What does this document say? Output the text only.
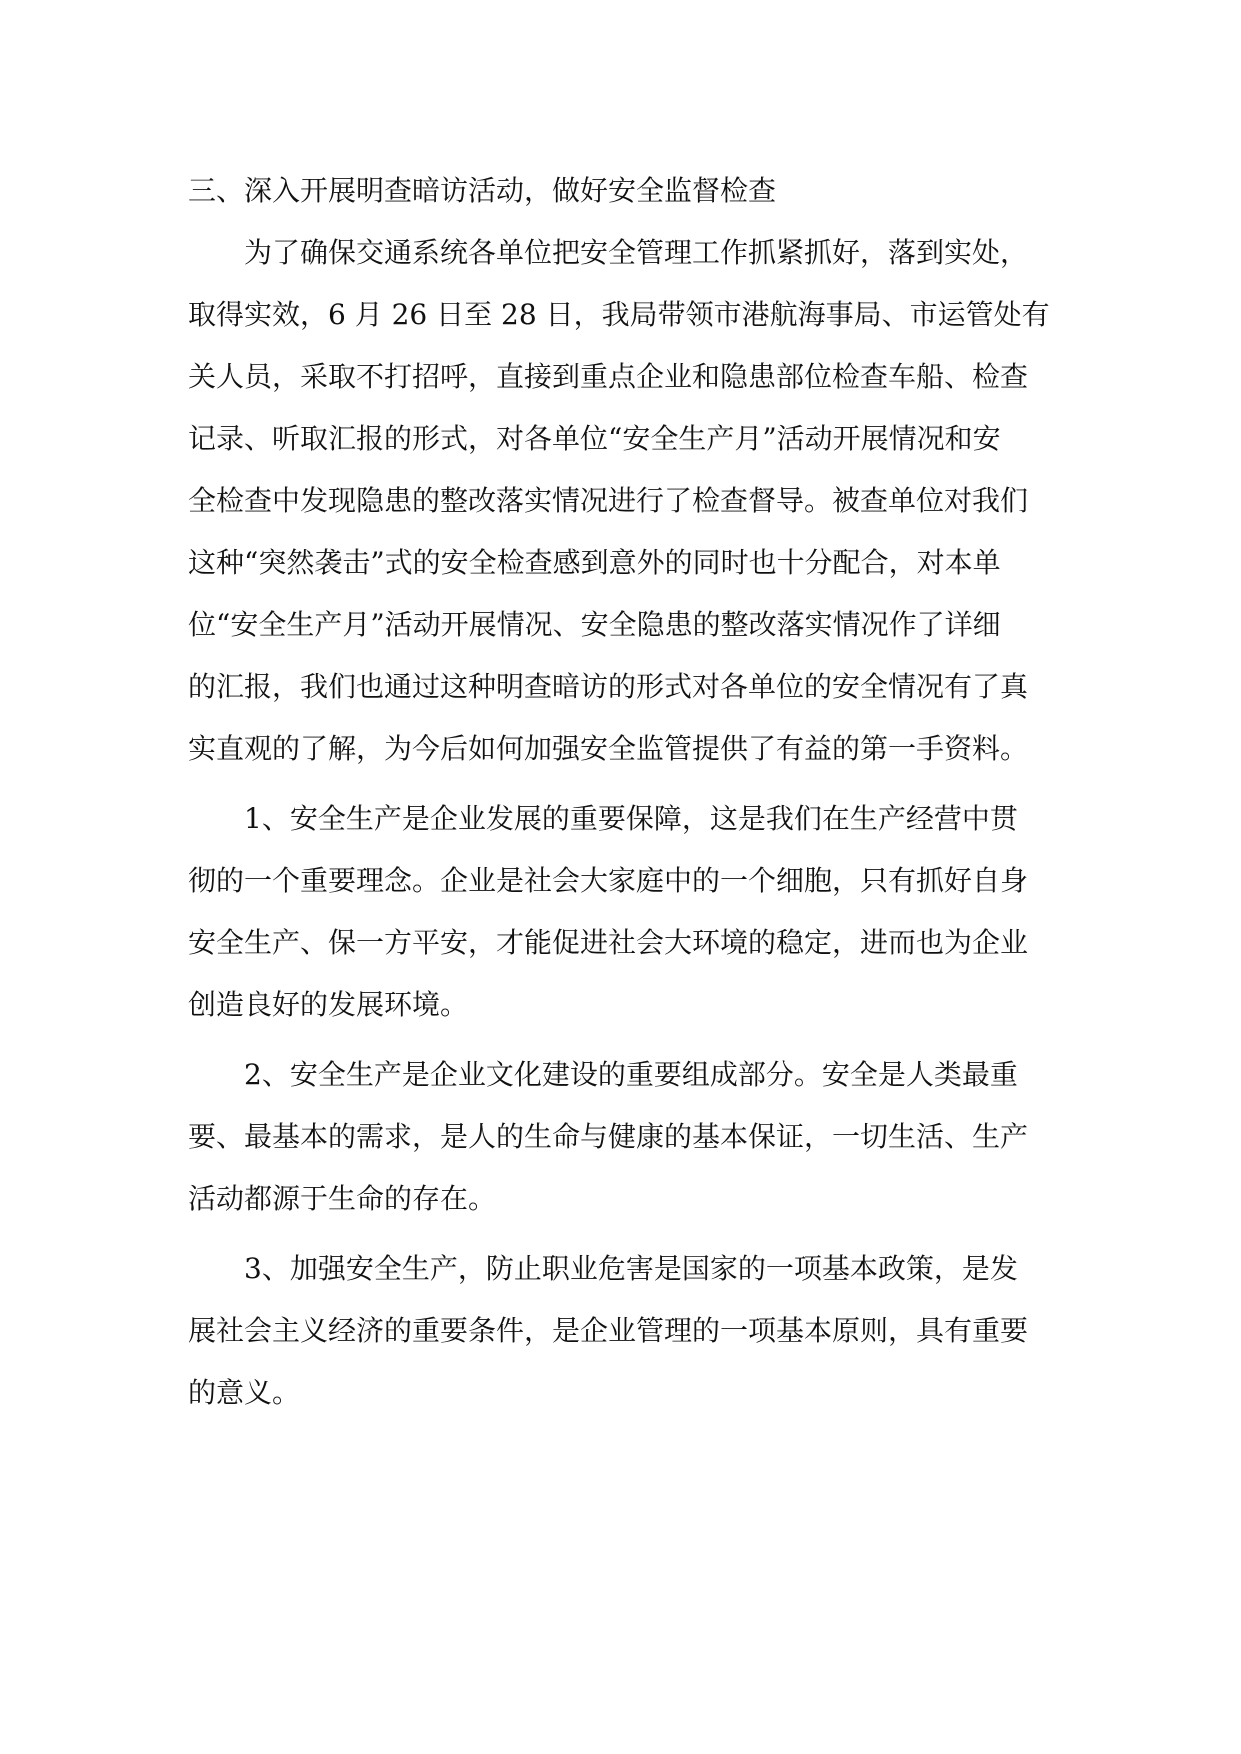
三、深入开展明查暗访活动，做好安全监督检查

为了确保交通系统各单位把安全管理工作抓紧抓好，落到实处，
取得实效，6 月 26 日至 28 日，我局带领市港航海事局、市运管处有
关人员，采取不打招呼，直接到重点企业和隐患部位检查车船、检查
记录、听取汇报的形式，对各单位“安全生产月”活动开展情况和安
全检查中发现隐患的整改落实情况进行了检查督导。被查单位对我们
这种“突然袭击”式的安全检查感到意外的同时也十分配合，对本单
位“安全生产月”活动开展情况、安全隐患的整改落实情况作了详细
的汇报，我们也通过这种明查暗访的形式对各单位的安全情况有了真
实直观的了解，为今后如何加强安全监管提供了有益的第一手资料。
1、安全生产是企业发展的重要保障，这是我们在生产经营中贯
彻的一个重要理念。企业是社会大家庭中的一个细胞，只有抓好自身
安全生产、保一方平安，才能促进社会大环境的稳定，进而也为企业
创造良好的发展环境。
2、安全生产是企业文化建设的重要组成部分。安全是人类最重
要、最基本的需求，是人的生命与健康的基本保证，一切生活、生产
活动都源于生命的存在。
3、加强安全生产，防止职业危害是国家的一项基本政策，是发
展社会主义经济的重要条件，是企业管理的一项基本原则，具有重要
的意义。
